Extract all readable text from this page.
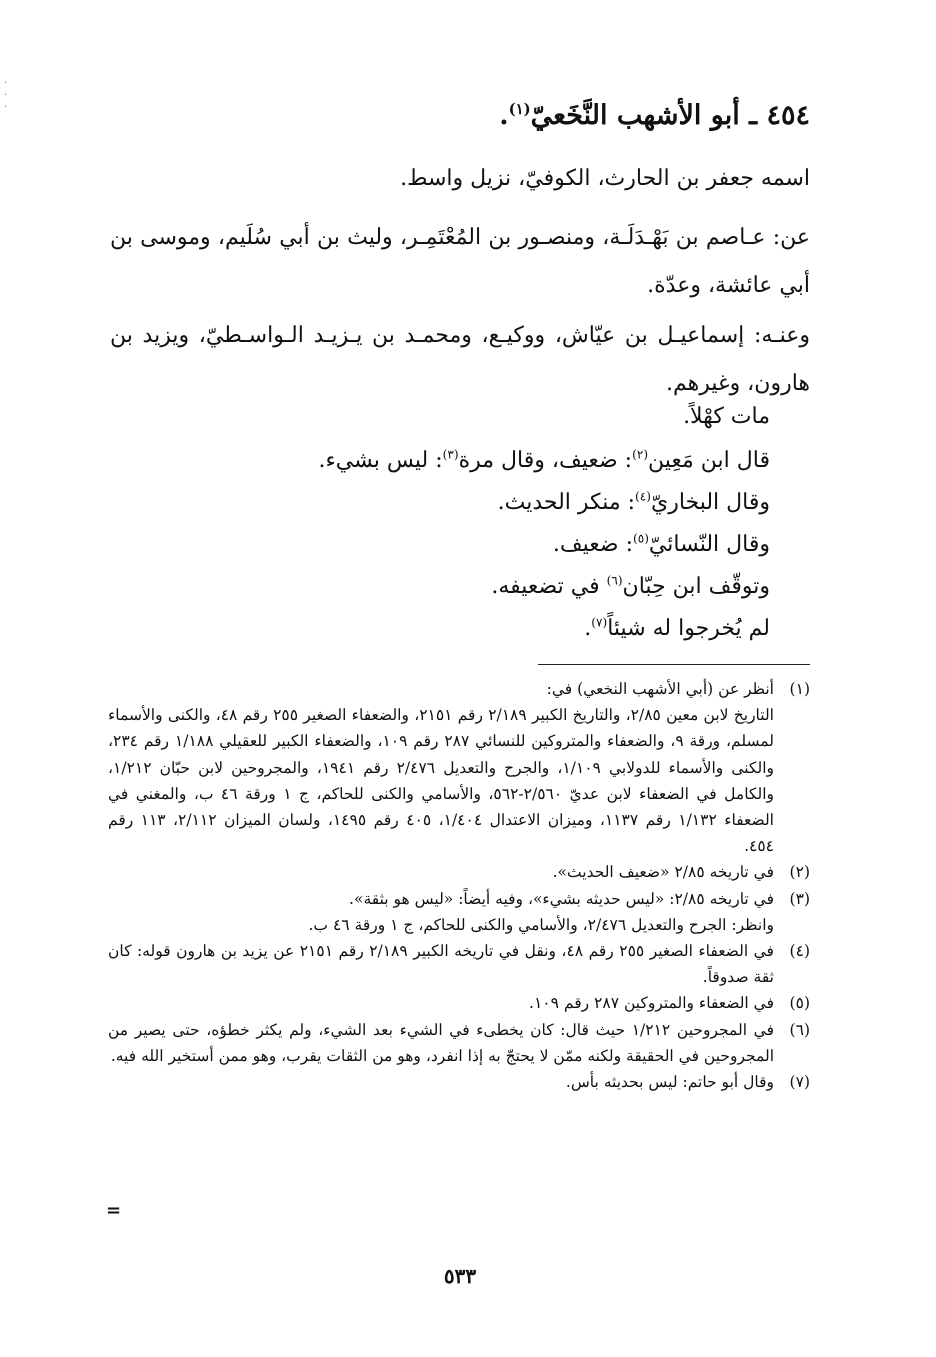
·
·
·	٤٥٤ ـ أبو الأشهب النَّخَعيّ$^{(١)}$.
اسمه جعفر بن الحارث، الكوفيّ، نزيل واسط.
عن: عـاصم بن بَهْـدَلَـة، ومنصـور بن المُعْتَمِـر، وليث بن أبي سُلَيم، وموسى بن أبي عائشة، وعدّة.
وعنـه: إسماعيـل بن عيّاش، ووكيـع، ومحمـد بن يـزيـد الـواسـطيّ، ويزيد بن هارون، وغيرهم.
مات كهْلاً.
قال ابن مَعِين$^{(٢)}$: ضعيف، وقال مرة$^{(٣)}$: ليس بشيء.
وقال البخاريّ$^{(٤)}$: منكر الحديث.
وقال النّسائيّ$^{(٥)}$: ضعيف.
وتوقّف ابن حِبّان$^{(٦)}$ في تضعيفه.
لم يُخرجوا له شيئاً$^{(٧)}$.
(١)
أنظر عن (أبي الأشهب النخعي) في:
التاريخ لابن معين ٢/٨٥، والتاريخ الكبير ٢/١٨٩ رقم ٢١٥١، والضعفاء الصغير ٢٥٥ رقم ٤٨، والكنى والأسماء لمسلم، ورقة ٩، والضعفاء والمتروكين للنسائي ٢٨٧ رقم ١٠٩، والضعفاء الكبير للعقيلي ١/١٨٨ رقم ٢٣٤، والكنى والأسماء للدولابي ١/١٠٩، والجرح والتعديل ٢/٤٧٦ رقم ١٩٤١، والمجروحين لابن حبّان ١/٢١٢، والكامل في الضعفاء لابن عديّ ٢/٥٦٠-٥٦٢، والأسامي والكنى للحاكم، ج ١ ورقة ٤٦ ب، والمغني في الضعفاء ١/١٣٢ رقم ١١٣٧، وميزان الاعتدال ١/٤٠٤، ٤٠٥ رقم ١٤٩٥، ولسان الميزان ٢/١١٢، ١١٣ رقم ٤٥٤.
(٢)
في تاريخه ٢/٨٥ «ضعيف الحديث».
(٣)
في تاريخه ٢/٨٥: «ليس حديثه بشيء»، وفيه أيضاً: «ليس هو بثقة».
وانظر: الجرح والتعديل ٢/٤٧٦، والأسامي والكنى للحاكم، ج ١ ورقة ٤٦ ب.
(٤)
في الضعفاء الصغير ٢٥٥ رقم ٤٨، ونقل في تاريخه الكبير ٢/١٨٩ رقم ٢١٥١ عن يزيد بن هارون قوله: كان ثقة صدوقاً.
(٥)
في الضعفاء والمتروكين ٢٨٧ رقم ١٠٩.
(٦)
في المجروحين ١/٢١٢ حيث قال: كان يخطىء في الشيء بعد الشيء، ولم يكثر خطؤه، حتى يصير من المجروحين في الحقيقة ولكنه ممّن لا يحتجّ به إذا انفرد، وهو من الثقات يقرب، وهو ممن أستخير الله فيه.
(٧)
وقال أبو حاتم: ليس بحديثه بأس.
٥٣٣
=
